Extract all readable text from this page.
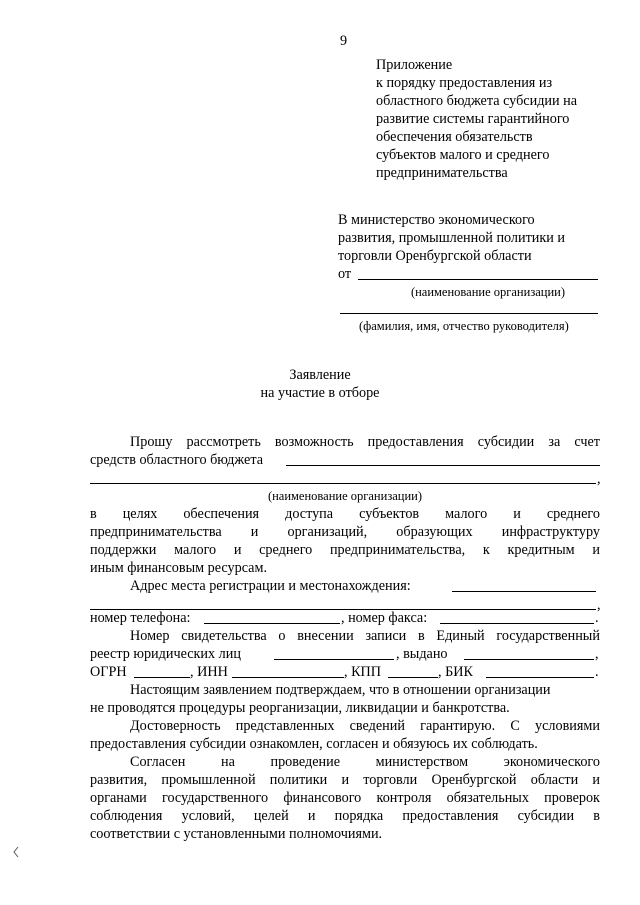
9
Приложение
к порядку предоставления из
областного бюджета субсидии на
развитие системы гарантийного
обеспечения обязательств
субъектов малого и среднего
предпринимательства
В министерство экономического
развития, промышленной политики и
торговли Оренбургской области
от
(наименование организации)
(фамилия, имя, отчество руководителя)
Заявление
на участие в отборе
Прошу рассмотреть возможность предоставления субсидии за счет
средств областного бюджета
,
(наименование организации)
в целях обеспечения доступа субъектов малого и среднего
предпринимательства и организаций, образующих инфраструктуру
поддержки малого и среднего предпринимательства, к кредитным и
иным финансовым ресурсам.
Адрес места регистрации и местонахождения:
,
номер телефона:	, номер факса:	.
Номер свидетельства о внесении записи в Единый государственный
реестр юридических лиц	, выдано	,
ОГРН	, ИНН	, КПП	, БИК	.
Настоящим заявлением подтверждаем, что в отношении организации
не проводятся процедуры реорганизации, ликвидации и банкротства.
Достоверность представленных сведений гарантирую. С условиями
предоставления субсидии ознакомлен, согласен и обязуюсь их соблюдать.
Согласен	на	проведение	министерством	экономического
развития, промышленной политики и торговли Оренбургской области и
органами государственного финансового контроля обязательных проверок
соблюдения условий, целей и порядка предоставления субсидии в
соответствии с установленными полномочиями.
